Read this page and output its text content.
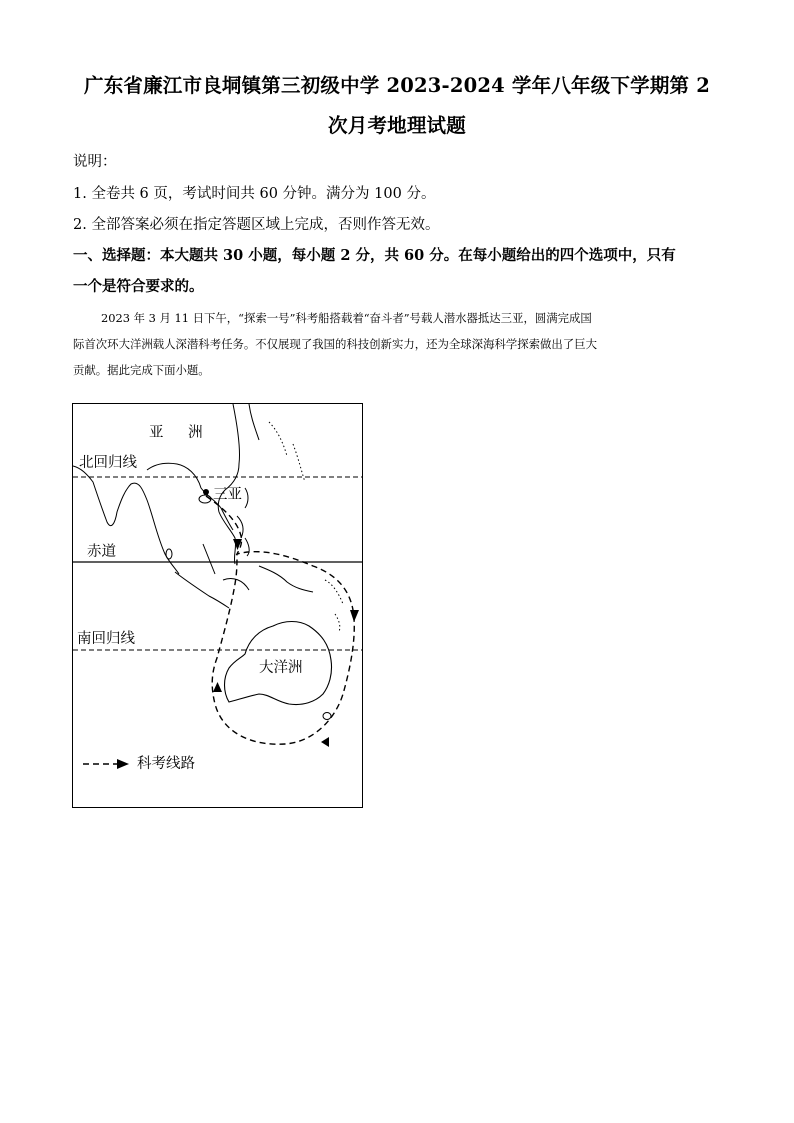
广东省廉江市良垌镇第三初级中学 2023-2024 学年八年级下学期第 2
次月考地理试题
说明：
1. 全卷共 6 页，考试时间共 60 分钟。满分为 100 分。
2. 全部答案必须在指定答题区域上完成，否则作答无效。
一、选择题：本大题共 30 小题，每小题 2 分，共 60 分。在每小题给出的四个选项中，只有
一个是符合要求的。
2023 年 3 月 11 日下午，“探索一号”科考船搭载着“奋斗者”号载人潜水器抵达三亚，圆满完成国
际首次环大洋洲载人深潜科考任务。不仅展现了我国的科技创新实力，还为全球深海科学探索做出了巨大
贡献。据此完成下面小题。
亚 洲
北回归线
三亚
赤道
南回归线
大洋洲
科考线路
